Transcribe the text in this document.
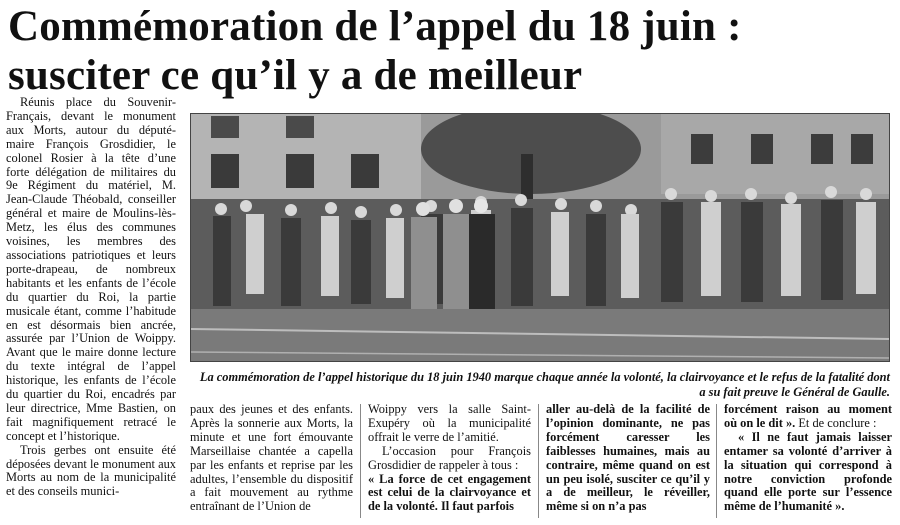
Commémoration de l’appel du 18 juin : susciter ce qu’il y a de meilleur

Réunis place du Souvenir-Français, devant le monument aux Morts, autour du député-maire François Grosdidier, le colonel Rosier à la tête d’une forte délégation de militaires du 9e Régiment du matériel, M. Jean-Claude Théobald, conseiller général et maire de Moulins-lès-Metz, les élus des communes voisines, les membres des associations patriotiques et leurs porte-drapeau, de nombreux habitants et les enfants de l’école du quartier du Roi, la partie musicale étant, comme l’habitude en est désormais bien ancrée, assurée par l’Union de Woippy. Avant que le maire donne lecture du texte intégral de l’appel historique, les enfants de l’école du quartier du Roi, encadrés par leur directrice, Mme Bastien, on fait magnifiquement retracé le concept et l’historique.

Trois gerbes ont ensuite été déposées devant le monument aux Morts au nom de la municipalité et des conseils munici-

La commémoration de l’appel historique du 18 juin 1940 marque chaque année la volonté, la clairvoyance et le refus de la fatalité dont a su fait preuve le Général de Gaulle.

paux des jeunes et des enfants. Après la sonnerie aux Morts, la minute et une fort émouvante Marseillaise chantée a capella par les enfants et reprise par les adultes, l’ensemble du dispositif a fait mouvement au rythme entraînant de l’Union de

Woippy vers la salle Saint-Exupéry où la municipalité offrait le verre de l’amitié.

L’occasion pour François Grosdidier de rappeler à tous :

« La force de cet engagement est celui de la clairvoyance et de la volonté. Il faut parfois

aller au-delà de la facilité de l’opinion dominante, ne pas forcément caresser les faiblesses humaines, mais au contraire, même quand on est un peu isolé, susciter ce qu’il y a de meilleur, le réveiller, même si on n’a pas

forcément raison au moment où on le dit ». Et de conclure :

« Il ne faut jamais laisser entamer sa volonté d’arriver à la situation qui correspond à notre conviction profonde quand elle porte sur l’essence même de l’humanité ».
